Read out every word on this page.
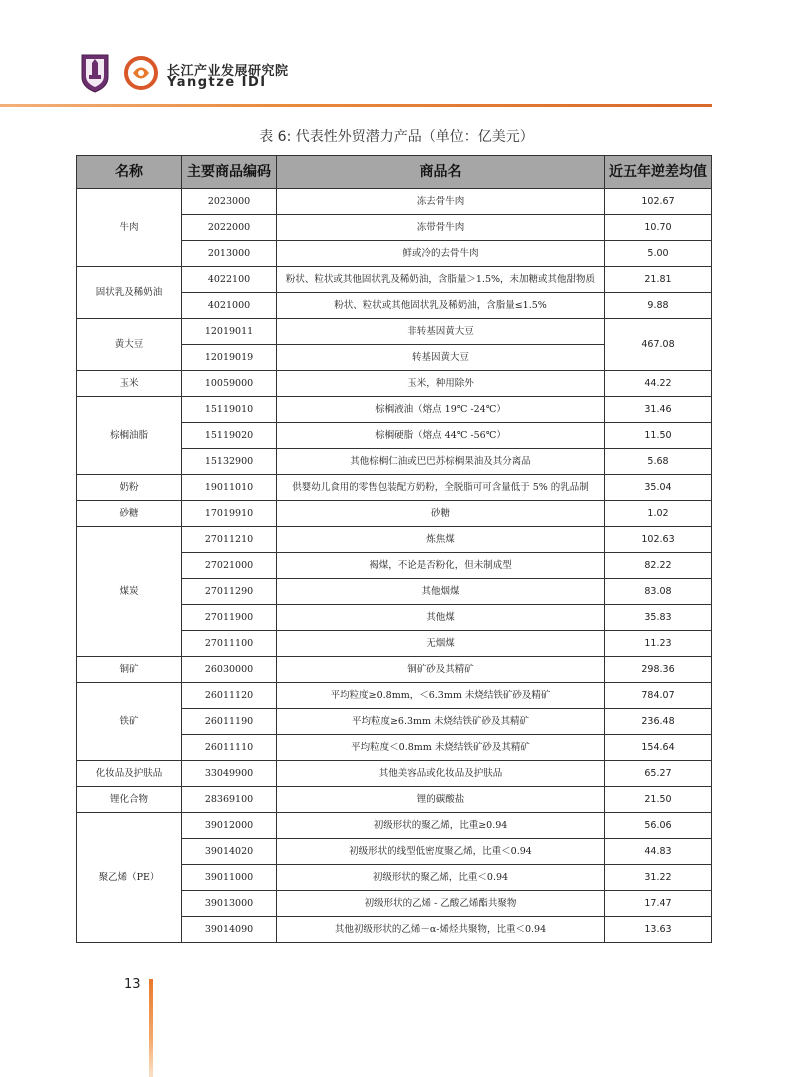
长江产业发展研究院
Yangtze IDI
表 6: 代表性外贸潜力产品（单位：亿美元）
名称	主要商品编码	商品名	近五年逆差均值
牛肉	2023000	冻去骨牛肉	102.67
	2022000	冻带骨牛肉	10.70
	2013000	鲜或冷的去骨牛肉	5.00
固状乳及稀奶油	4022100	粉状、粒状或其他固状乳及稀奶油，含脂量＞1.5%，未加糖或其他甜物质	21.81
	4021000	粉状、粒状或其他固状乳及稀奶油，含脂量≤1.5%	9.88
黄大豆	12019011	非转基因黄大豆	467.08
	12019019	转基因黄大豆	
玉米	10059000	玉米，种用除外	44.22
棕榈油脂	15119010	棕榈液油（熔点 19℃ -24℃）	31.46
	15119020	棕榈硬脂（熔点 44℃ -56℃）	11.50
	15132900	其他棕榈仁油或巴巴苏棕榈果油及其分离品	5.68
奶粉	19011010	供婴幼儿食用的零售包装配方奶粉，全脱脂可可含量低于 5% 的乳品制	35.04
砂糖	17019910	砂糖	1.02
煤炭	27011210	炼焦煤	102.63
	27021000	褐煤，不论是否粉化，但未制成型	82.22
	27011290	其他烟煤	83.08
	27011900	其他煤	35.83
	27011100	无烟煤	11.23
铜矿	26030000	铜矿砂及其精矿	298.36
铁矿	26011120	平均粒度≥0.8mm，＜6.3mm 未烧结铁矿砂及精矿	784.07
	26011190	平均粒度≥6.3mm 未烧结铁矿砂及其精矿	236.48
	26011110	平均粒度＜0.8mm 未烧结铁矿砂及其精矿	154.64
化妆品及护肤品	33049900	其他美容品或化妆品及护肤品	65.27
锂化合物	28369100	锂的碳酸盐	21.50
聚乙烯（PE）	39012000	初级形状的聚乙烯，比重≥0.94	56.06
	39014020	初级形状的线型低密度聚乙烯，比重＜0.94	44.83
	39011000	初级形状的聚乙烯，比重＜0.94	31.22
	39013000	初级形状的乙烯 - 乙酸乙烯酯共聚物	17.47
	39014090	其他初级形状的乙烯－α-烯烃共聚物，比重＜0.94	13.63
13
